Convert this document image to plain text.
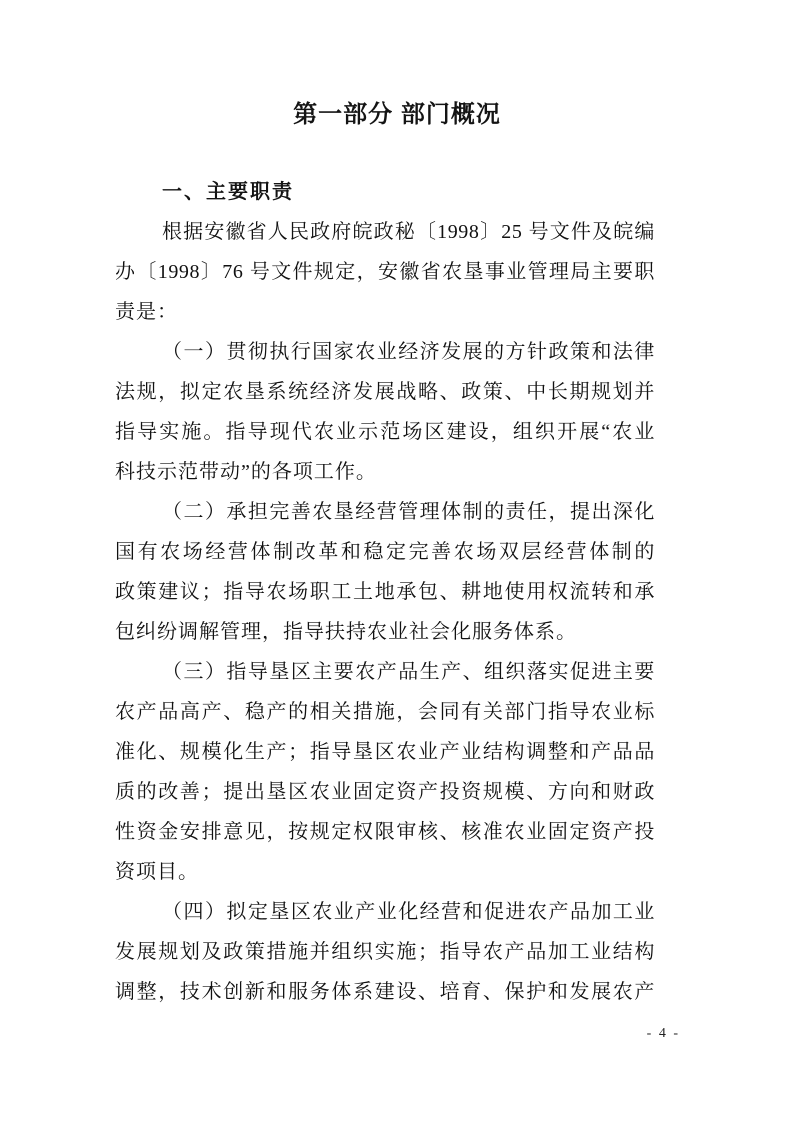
第一部分 部门概况
一、主要职责
根据安徽省人民政府皖政秘〔1998〕25 号文件及皖编
办〔1998〕76 号文件规定，安徽省农垦事业管理局主要职
责是：
（一）贯彻执行国家农业经济发展的方针政策和法律
法规，拟定农垦系统经济发展战略、政策、中长期规划并
指导实施。指导现代农业示范场区建设，组织开展“农业
科技示范带动”的各项工作。
（二）承担完善农垦经营管理体制的责任，提出深化
国有农场经营体制改革和稳定完善农场双层经营体制的
政策建议；指导农场职工土地承包、耕地使用权流转和承
包纠纷调解管理，指导扶持农业社会化服务体系。
（三）指导垦区主要农产品生产、组织落实促进主要
农产品高产、稳产的相关措施，会同有关部门指导农业标
准化、规模化生产；指导垦区农业产业结构调整和产品品
质的改善；提出垦区农业固定资产投资规模、方向和财政
性资金安排意见，按规定权限审核、核准农业固定资产投
资项目。
（四）拟定垦区农业产业化经营和促进农产品加工业
发展规划及政策措施并组织实施；指导农产品加工业结构
调整，技术创新和服务体系建设、培育、保护和发展农产
- 4 -
